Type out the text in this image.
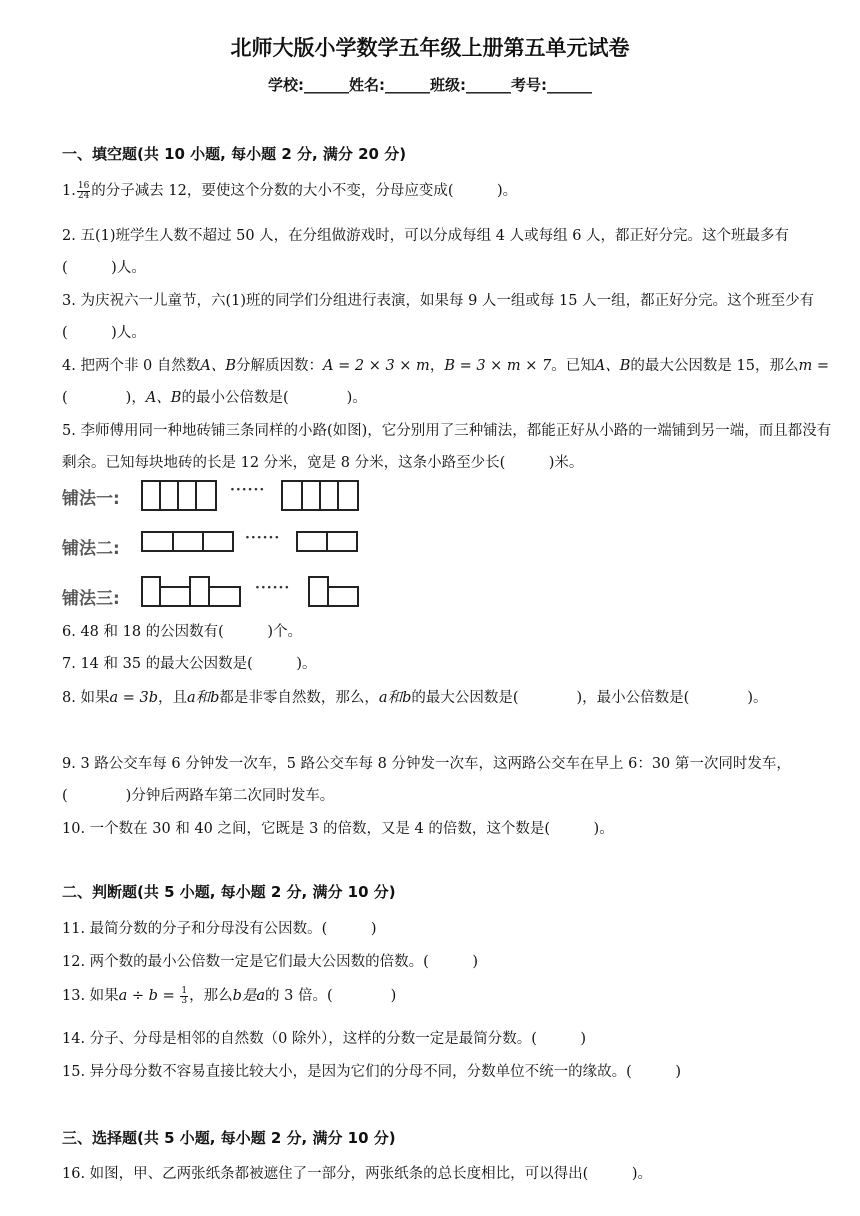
北师大版小学数学五年级上册第五单元试卷
学校:______姓名:______班级:______考号:______
一、填空题(共 10 小题, 每小题 2 分, 满分 20 分)
1. $\frac{16}{24}$ 的分子减去 12，要使这个分数的大小不变，分母应变成(　　　)。
2. 五(1)班学生人数不超过 50 人，在分组做游戏时，可以分成每组 4 人或每组 6 人，都正好分完。这个班最多有(　　　)人。
3. 为庆祝六一儿童节，六(1)班的同学们分组进行表演，如果每 9 人一组或每 15 人一组，都正好分完。这个班至少有(　　　)人。
4. 把两个非 0 自然数A、B分解质因数：A = 2 × 3 × m，B = 3 × m × 7。已知A、B的最大公因数是 15，那么m =(　　　　)，A、B的最小公倍数是(　　　　)。
5. 李师傅用同一种地砖铺三条同样的小路(如图)，它分别用了三种铺法，都能正好从小路的一端铺到另一端，而且都没有剩余。已知每块地砖的长是 12 分米，宽是 8 分米，这条小路至少长(　　　)米。
铺法一:	······
铺法二:
······
铺法三:
······
6. 48 和 18 的公因数有(　　　)个。
7. 14 和 35 的最大公因数是(　　　)。
8. 如果a = 3b，且a和b都是非零自然数，那么，a和b的最大公因数是(　　　　)，最小公倍数是(　　　　)。
9. 3 路公交车每 6 分钟发一次车，5 路公交车每 8 分钟发一次车，这两路公交车在早上 6：30 第一次同时发车，(　　　　)分钟后两路车第二次同时发车。
10. 一个数在 30 和 40 之间，它既是 3 的倍数，又是 4 的倍数，这个数是(　　　)。
二、判断题(共 5 小题, 每小题 2 分, 满分 10 分)
11. 最简分数的分子和分母没有公因数。(　　　)
12. 两个数的最小公倍数一定是它们最大公因数的倍数。(　　　)
13. 如果$a \div b = \frac{1}{3}$ ，那么b是a的 3 倍。(　　　　)
14. 分子、分母是相邻的自然数（0 除外），这样的分数一定是最简分数。(　　　)
15. 异分母分数不容易直接比较大小，是因为它们的分母不同，分数单位不统一的缘故。(　　　)
三、选择题(共 5 小题, 每小题 2 分, 满分 10 分)
16. 如图，甲、乙两张纸条都被遮住了一部分，两张纸条的总长度相比，可以得出(　　　)。
